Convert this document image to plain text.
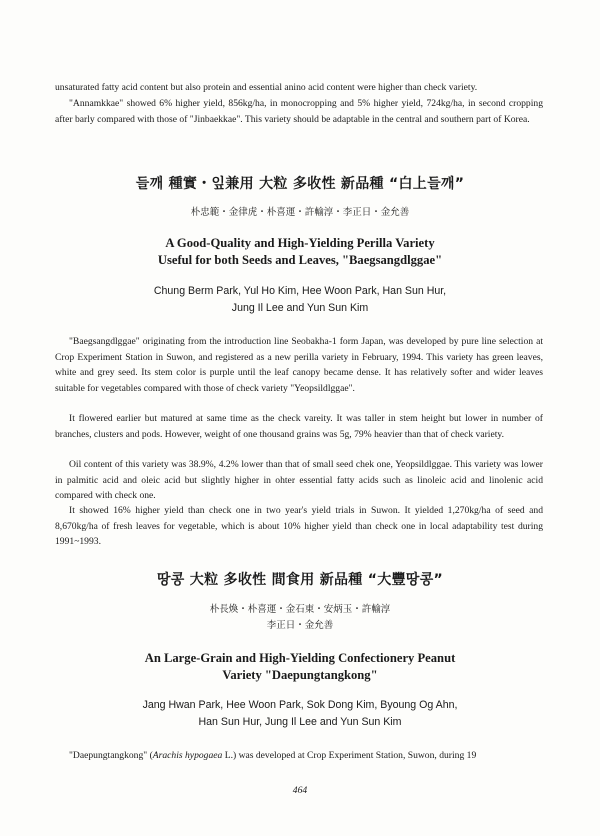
unsaturated fatty acid content but also protein and essential anino acid content were higher than check variety.

"Annamkkae" showed 6% higher yield, 856kg/ha, in monocropping and 5% higher yield, 724kg/ha, in second cropping after barly compared with those of "Jinbaekkae". This variety should be adaptable in the central and southern part of Korea.

들깨 種實・잎兼用 大粒 多收性 新品種 “白上들깨”
朴忠範・金律虎・朴喜運・許輸淳・李正日・金允善
A Good-Quality and High-Yielding Perilla Variety
Useful for both Seeds and Leaves, "Baegsangdlggae"
Chung Berm Park, Yul Ho Kim, Hee Woon Park, Han Sun Hur,
Jung Il Lee and Yun Sun Kim

"Baegsangdlggae" originating from the introduction line Seobakha-1 form Japan, was developed by pure line selection at Crop Experiment Station in Suwon, and registered as a new perilla variety in February, 1994. This variety has green leaves, white and grey seed. Its stem color is purple until the leaf canopy became dense. It has relatively softer and wider leaves suitable for vegetables compared with those of check variety "Yeopsildlggae".

It flowered earlier but matured at same time as the check vareity. It was taller in stem height but lower in number of branches, clusters and pods. However, weight of one thousand grains was 5g, 79% heavier than that of check variety.

Oil content of this variety was 38.9%, 4.2% lower than that of small seed chek one, Yeopsildlggae. This variety was lower in palmitic acid and oleic acid but slightly higher in ohter essential fatty acids such as linoleic acid and linolenic acid compared with check one.

It showed 16% higher yield than check one in two year's yield trials in Suwon. It yielded 1,270kg/ha of seed and 8,670kg/ha of fresh leaves for vegetable, which is about 10% higher yield than check one in local adaptability test during 1991~1993.

땅콩 大粒 多收性 間食用 新品種 “大豐땅콩”
朴長煥・朴喜運・金石東・安炳玉・許輸淳
李正日・金允善
An Large-Grain and High-Yielding Confectionery Peanut
Variety "Daepungtangkong"
Jang Hwan Park, Hee Woon Park, Sok Dong Kim, Byoung Og Ahn,
Han Sun Hur, Jung Il Lee and Yun Sun Kim

"Daepungtangkong" (Arachis hypogaea L.) was developed at Crop Experiment Station, Suwon, during 19

464
